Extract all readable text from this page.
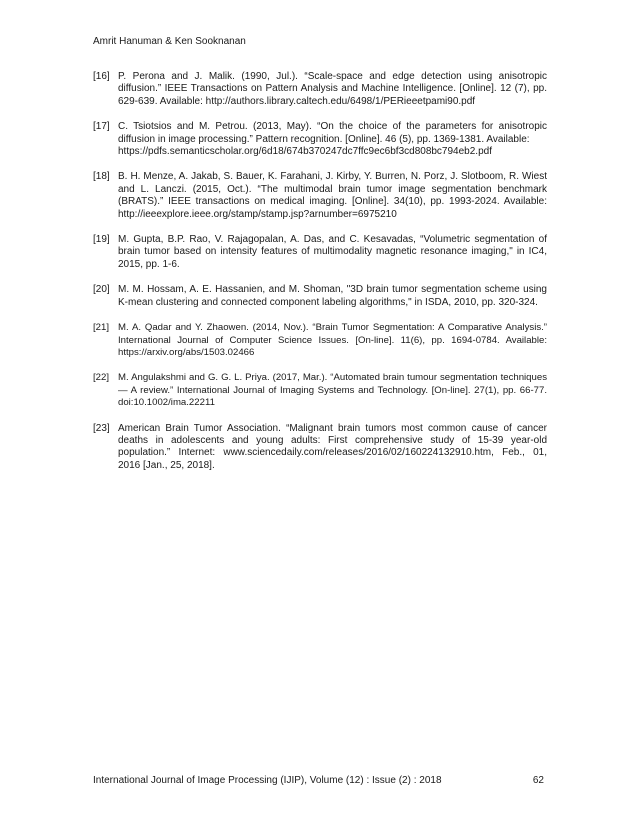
Amrit Hanuman & Ken Sooknanan
[16] P. Perona and J. Malik. (1990, Jul.). “Scale-space and edge detection using anisotropic diffusion.” IEEE Transactions on Pattern Analysis and Machine Intelligence. [Online]. 12 (7), pp. 629-639. Available: http://authors.library.caltech.edu/6498/1/PERieeetpami90.pdf
[17] C. Tsiotsios and M. Petrou. (2013, May). “On the choice of the parameters for anisotropic diffusion in image processing.” Pattern recognition. [Online]. 46 (5), pp. 1369-1381. Available:
https://pdfs.semanticscholar.org/6d18/674b370247dc7ffc9ec6bf3cd808bc794eb2.pdf
[18] B. H. Menze, A. Jakab, S. Bauer, K. Farahani, J. Kirby, Y. Burren, N. Porz, J. Slotboom, R. Wiest and L. Lanczi. (2015, Oct.). “The multimodal brain tumor image segmentation benchmark (BRATS).” IEEE transactions on medical imaging. [Online]. 34(10), pp. 1993-2024. Available: http://ieeexplore.ieee.org/stamp/stamp.jsp?arnumber=6975210
[19] M. Gupta, B.P. Rao, V. Rajagopalan, A. Das, and C. Kesavadas, “Volumetric segmentation of brain tumor based on intensity features of multimodality magnetic resonance imaging," in IC4, 2015, pp. 1-6.
[20] M. M. Hossam, A. E. Hassanien, and M. Shoman, "3D brain tumor segmentation scheme using K-mean clustering and connected component labeling algorithms," in ISDA, 2010, pp. 320-324.
[21] M. A. Qadar and Y. Zhaowen. (2014, Nov.). “Brain Tumor Segmentation: A Comparative Analysis.” International Journal of Computer Science Issues. [On-line]. 11(6), pp. 1694-0784. Available: https://arxiv.org/abs/1503.02466
[22] M. Angulakshmi and G. G. L. Priya. (2017, Mar.). “Automated brain tumour segmentation techniques— A review.” International Journal of Imaging Systems and Technology. [On-line]. 27(1), pp. 66-77. doi:10.1002/ima.22211
[23] American Brain Tumor Association. “Malignant brain tumors most common cause of cancer deaths in adolescents and young adults: First comprehensive study of 15-39 year-old population.” Internet: www.sciencedaily.com/releases/2016/02/160224132910.htm, Feb., 01, 2016 [Jan., 25, 2018].
International Journal of Image Processing (IJIP), Volume (12) : Issue (2) : 2018	62
